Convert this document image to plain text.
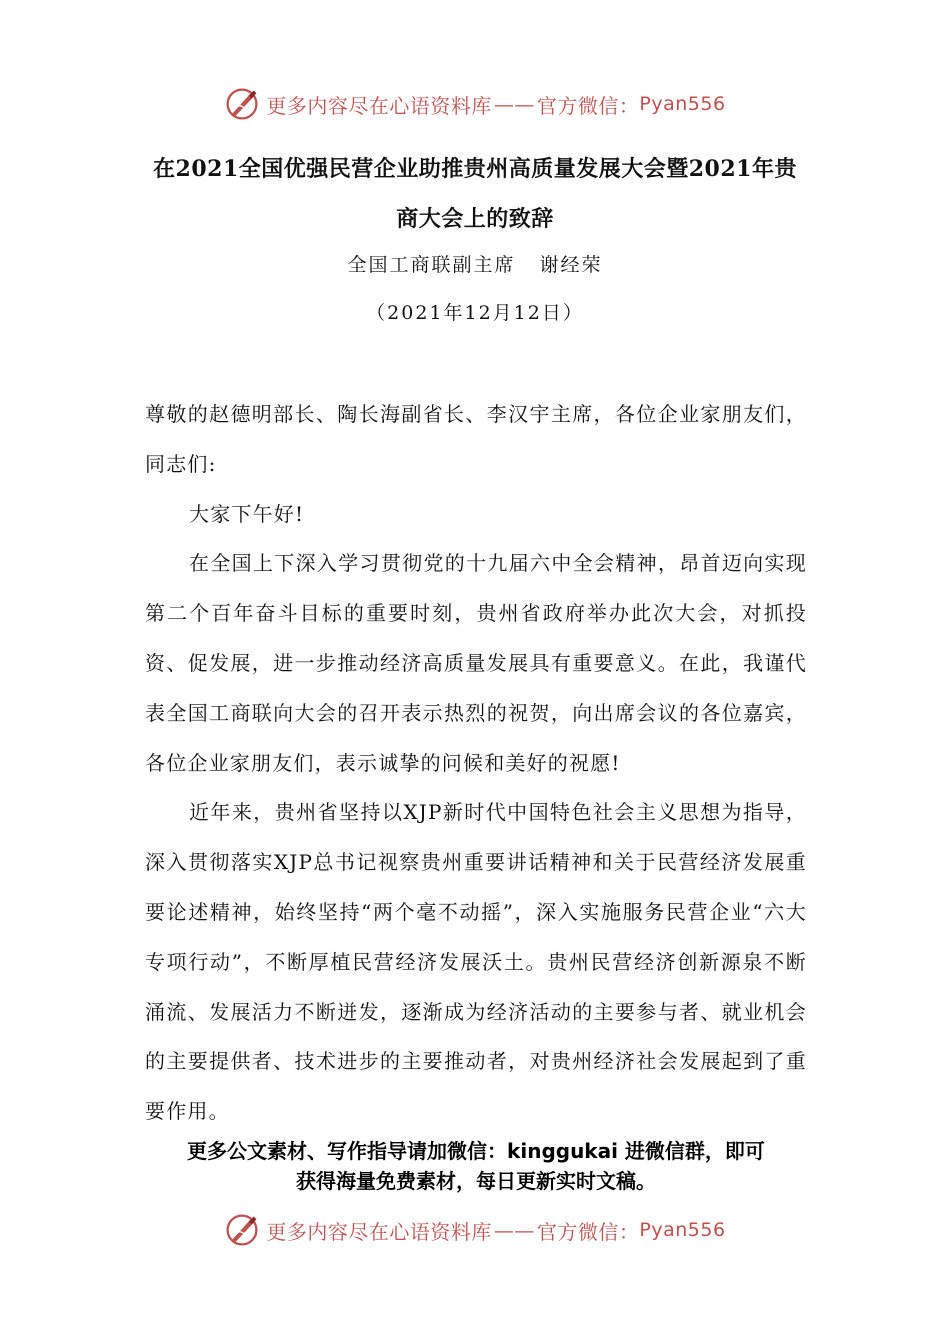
更多内容尽在心语资料库 —— 官方微信： Pyan556
在2021全国优强民营企业助推贵州高质量发展大会暨2021年贵商大会上的致辞
全国工商联副主席 谢经荣
（2021年12月12日）

尊敬的赵德明部长、陶长海副省长、李汉宇主席，各位企业家朋友们，同志们:

大家下午好!

在全国上下深入学习贯彻党的十九届六中全会精神，昂首迈向实现第二个百年奋斗目标的重要时刻，贵州省政府举办此次大会，对抓投资、促发展，进一步推动经济高质量发展具有重要意义。在此，我谨代表全国工商联向大会的召开表示热烈的祝贺，向出席会议的各位嘉宾，各位企业家朋友们，表示诚挚的问候和美好的祝愿!

近年来，贵州省坚持以XJP新时代中国特色社会主义思想为指导，深入贯彻落实XJP总书记视察贵州重要讲话精神和关于民营经济发展重要论述精神，始终坚持“两个毫不动摇”，深入实施服务民营企业“六大专项行动”，不断厚植民营经济发展沃土。贵州民营经济创新源泉不断涌流、发展活力不断迸发，逐渐成为经济活动的主要参与者、就业机会的主要提供者、技术进步的主要推动者，对贵州经济社会发展起到了重要作用。

更多公文素材、写作指导请加微信：kinggukai 进微信群，即可
获得海量免费素材，每日更新实时文稿。
更多内容尽在心语资料库 —— 官方微信： Pyan556
